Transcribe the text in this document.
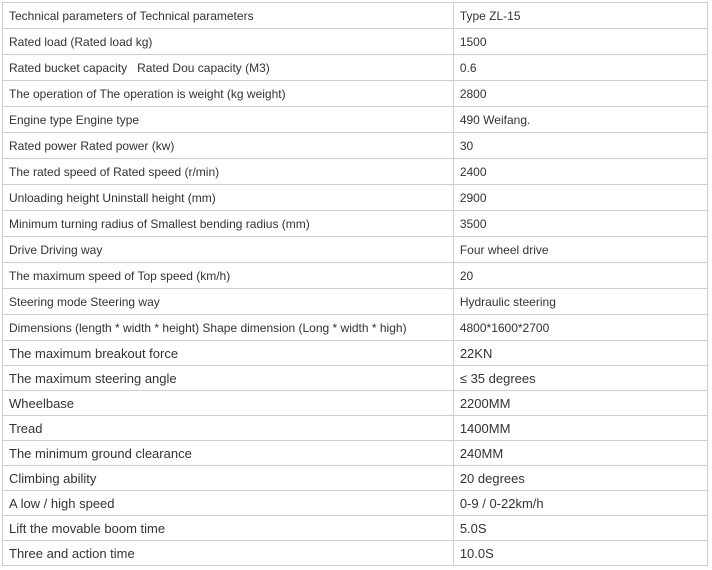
Technical parameters of Technical parameters	Type ZL-15
Rated load (Rated load kg)	1500
Rated bucket capacity   Rated Dou capacity (M3)	0.6
The operation of The operation is weight (kg weight)	2800
Engine type Engine type	490 Weifang.
Rated power Rated power (kw)	30
The rated speed of Rated speed (r/min)	2400
Unloading height Uninstall height (mm)	2900
Minimum turning radius of Smallest bending radius (mm)	3500
Drive Driving way	Four wheel drive
The maximum speed of Top speed (km/h)	20
Steering mode Steering way	Hydraulic steering
Dimensions (length * width * height) Shape dimension (Long * width * high)	4800*1600*2700
The maximum breakout force	22KN
The maximum steering angle	≤ 35 degrees
Wheelbase	2200MM
Tread	1400MM
The minimum ground clearance	240MM
Climbing ability	20 degrees
A low / high speed	0-9 / 0-22km/h
Lift the movable boom time	5.0S
Three and action time	10.0S
